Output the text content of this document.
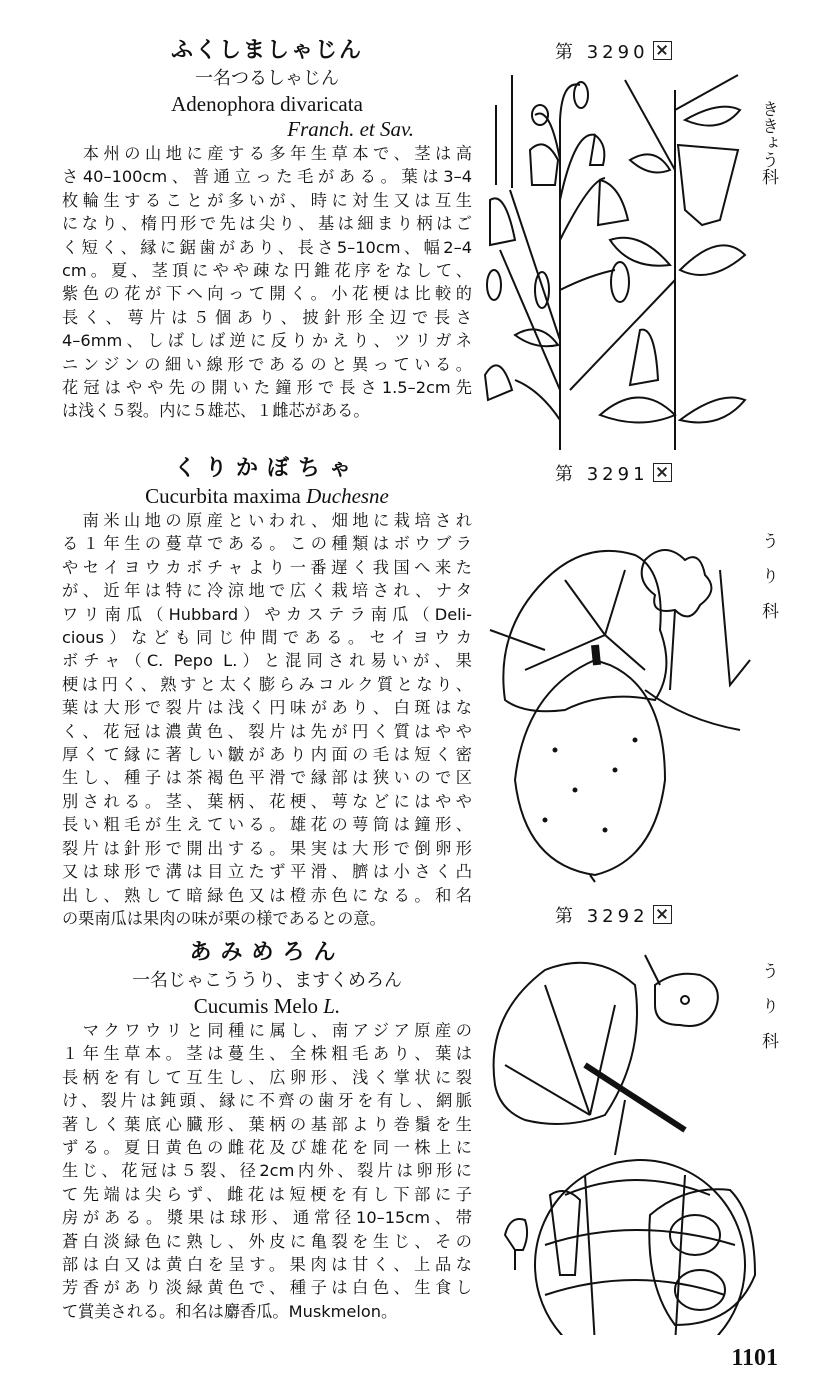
ふくしましゃじん

一名つるしゃじん

Adenophora divaricata

Franch. et Sav.

　本州の山地に産する多年生草本で、茎は高
さ40–100cm、普通立った毛がある。葉は3–4
枚輪生することが多いが、時に対生又は互生
になり、楕円形で先は尖り、基は細まり柄はご
く短く、縁に鋸歯があり、長さ5–10cm、幅2–4
cm。夏、茎頂にやや疎な円錐花序をなして、
紫色の花が下へ向って開く。小花梗は比較的
長く、萼片は５個あり、披針形全辺で長さ
4–6mm、しばしば逆に反りかえり、ツリガネ
ニンジンの細い線形であるのと異っている。
花冠はやや先の開いた鐘形で長さ1.5–2cm先
は浅く５裂。内に５雄芯、１雌芯がある。

くりかぼちゃ

Cucurbita maxima Duchesne

　南米山地の原産といわれ、畑地に栽培され
る１年生の蔓草である。この種類はボウブラ
やセイヨウカボチャより一番遅く我国へ来た
が、近年は特に冷涼地で広く栽培され、ナタ
ワリ南瓜（Hubbard）やカステラ南瓜（Deli-
cious）なども同じ仲間である。セイヨウカ
ボチャ（C. Pepo L.）と混同され易いが、果
梗は円く、熟すと太く膨らみコルク質となり、
葉は大形で裂片は浅く円味があり、白斑はな
く、花冠は濃黄色、裂片は先が円く質はやや
厚くて縁に著しい皺があり内面の毛は短く密
生し、種子は茶褐色平滑で縁部は狭いので区
別される。茎、葉柄、花梗、萼などにはやや
長い粗毛が生えている。雄花の萼筒は鐘形、
裂片は針形で開出する。果実は大形で倒卵形
又は球形で溝は目立たず平滑、臍は小さく凸
出し、熟して暗緑色又は橙赤色になる。和名
の栗南瓜は果肉の味が栗の様であるとの意。

あみめろん

一名じゃこううり、ますくめろん

Cucumis Melo L.

　マクワウリと同種に属し、南アジア原産の
１年生草本。茎は蔓生、全株粗毛あり、葉は
長柄を有して互生し、広卵形、浅く掌状に裂
け、裂片は鈍頭、縁に不齊の歯牙を有し、網脈
著しく葉底心臓形、葉柄の基部より巻鬚を生
ずる。夏日黄色の雌花及び雄花を同一株上に
生じ、花冠は５裂、径2cm内外、裂片は卵形に
て先端は尖らず、雌花は短梗を有し下部に子
房がある。漿果は球形、通常径10–15cm、帯
蒼白淡緑色に熟し、外皮に亀裂を生じ、その
部は白又は黄白を呈す。果肉は甘く、上品な
芳香があり淡緑黄色で、種子は白色、生食し
て賞美される。和名は麝香瓜。Muskmelon。
第 3290
第 3291
第 3292
ききょう科
うり科
うり科
1101
